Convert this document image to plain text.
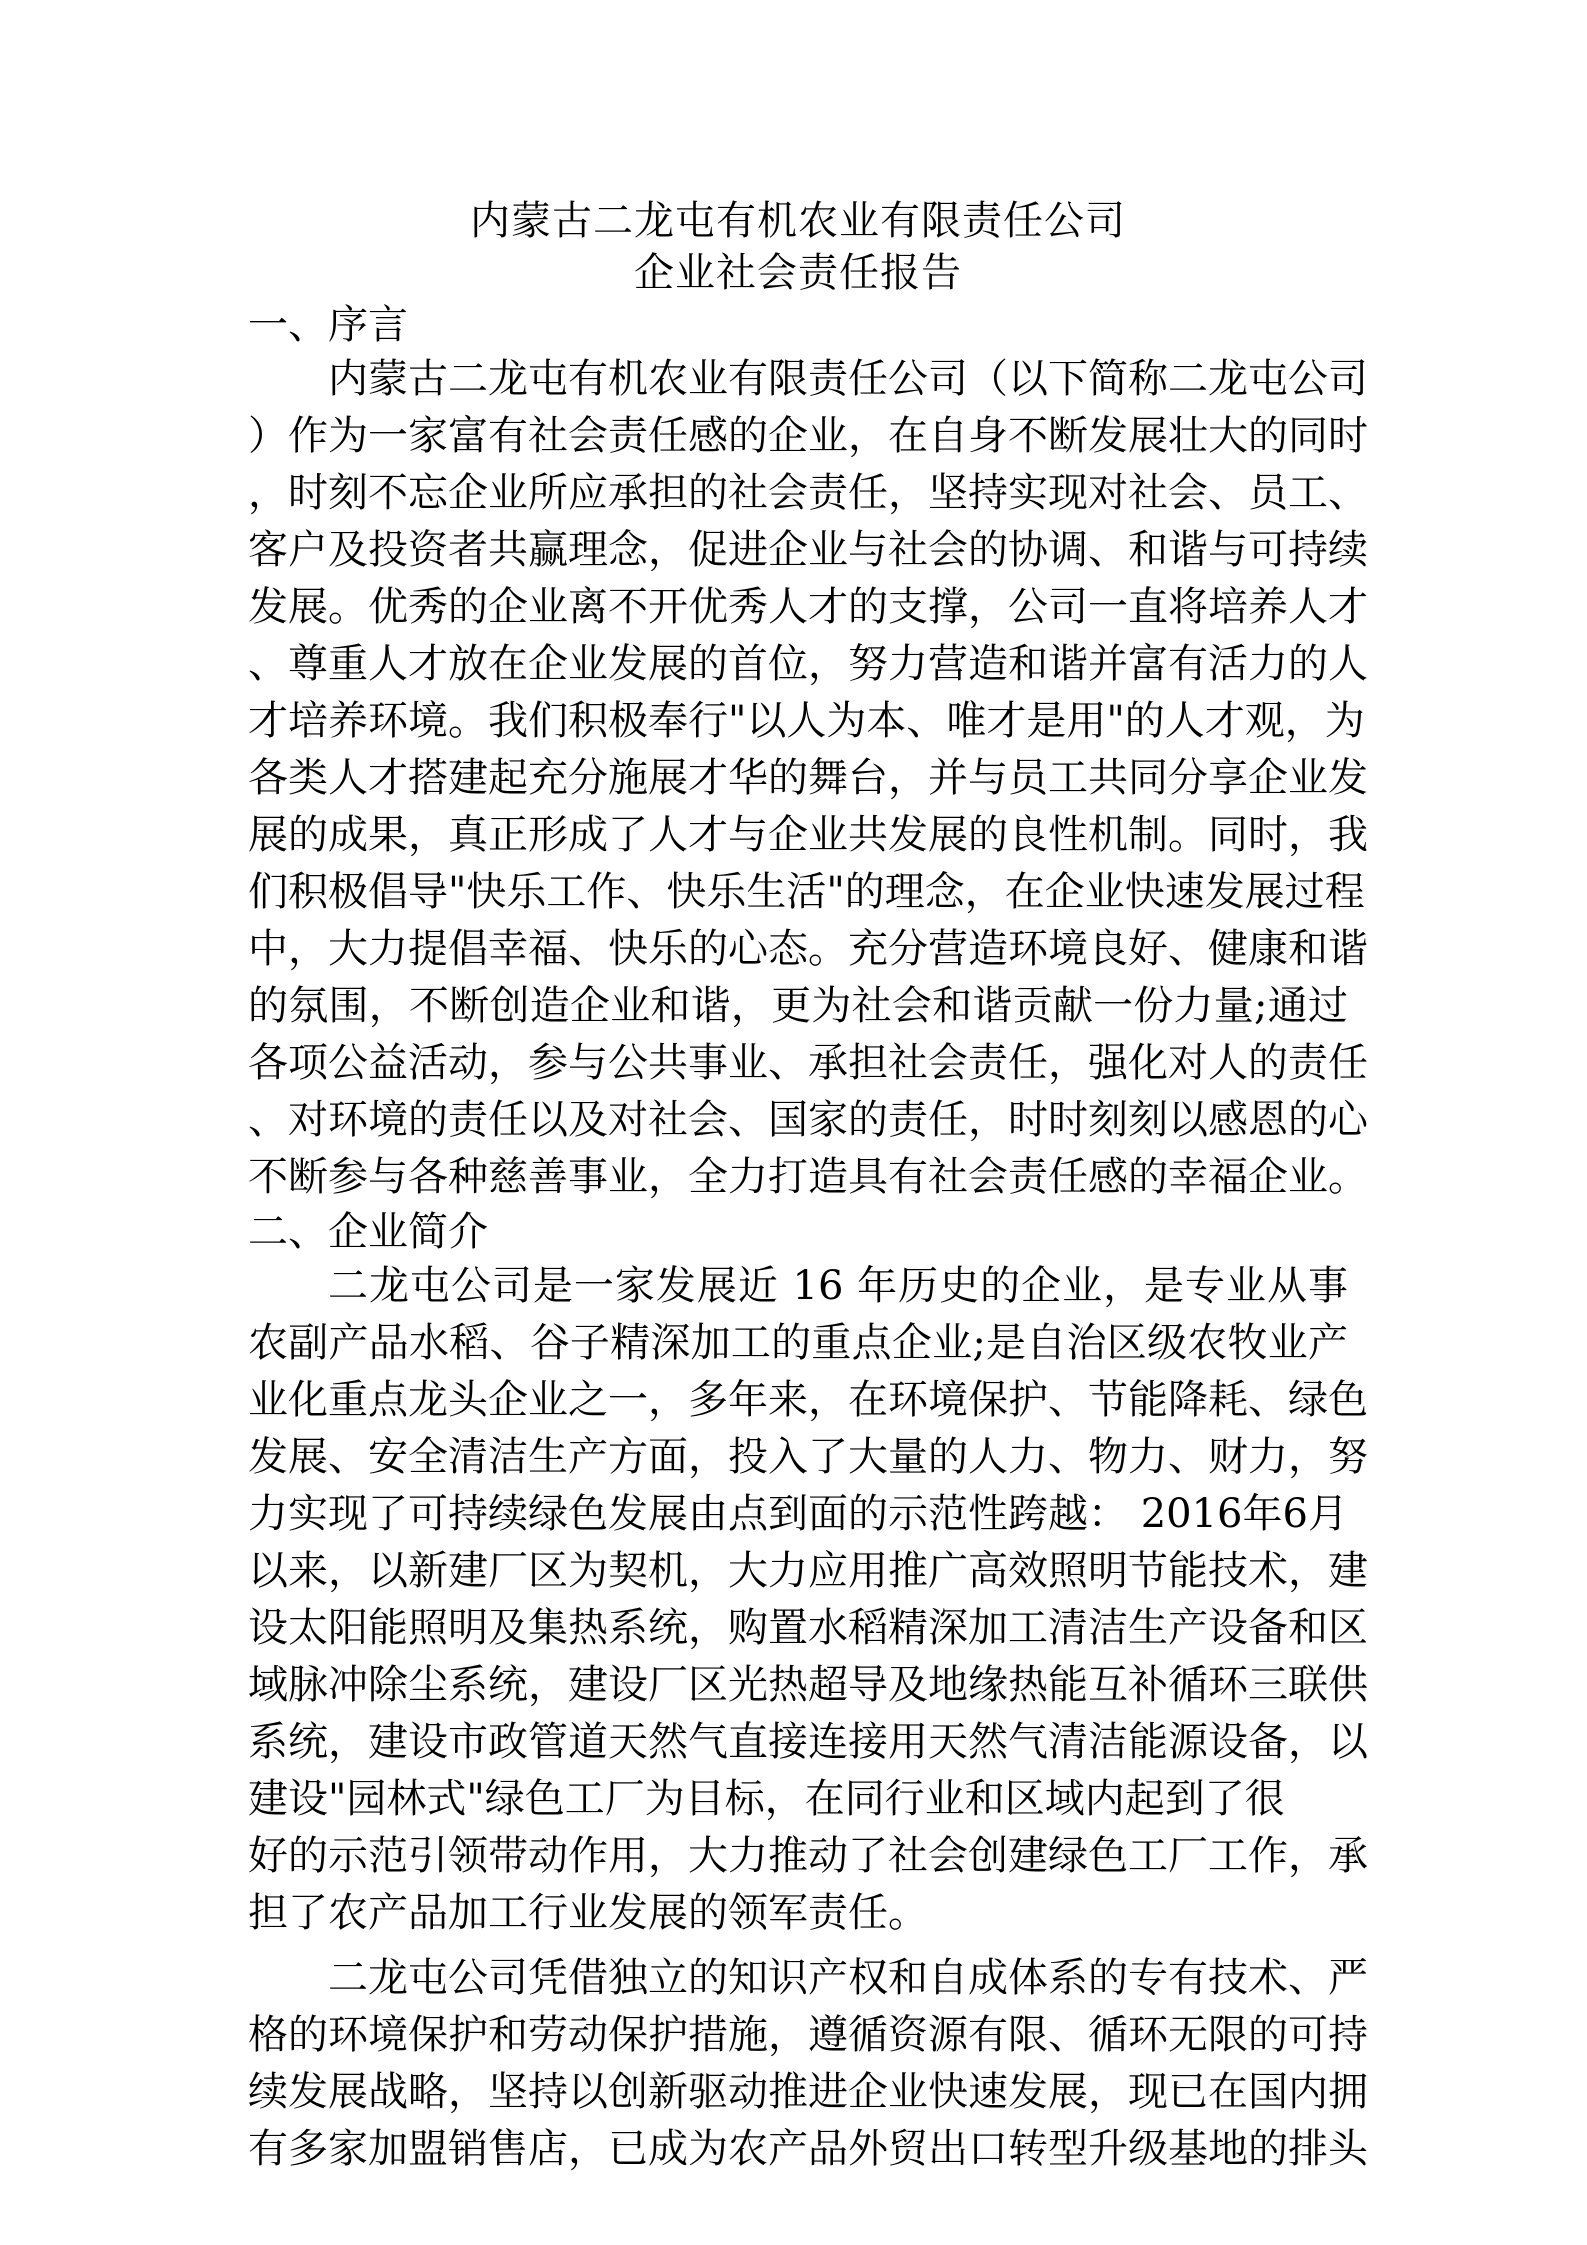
内蒙古二龙屯有机农业有限责任公司
企业社会责任报告
一、序言
内蒙古二龙屯有机农业有限责任公司（以下简称二龙屯公司
）作为一家富有社会责任感的企业，在自身不断发展壮大的同时
，时刻不忘企业所应承担的社会责任，坚持实现对社会、员工、
客户及投资者共赢理念，促进企业与社会的协调、和谐与可持续
发展。优秀的企业离不开优秀人才的支撑，公司一直将培养人才
、尊重人才放在企业发展的首位，努力营造和谐并富有活力的人
才培养环境。我们积极奉行"以人为本、唯才是用"的人才观，为
各类人才搭建起充分施展才华的舞台，并与员工共同分享企业发
展的成果，真正形成了人才与企业共发展的良性机制。同时，我
们积极倡导"快乐工作、快乐生活"的理念，在企业快速发展过程
中，大力提倡幸福、快乐的心态。充分营造环境良好、健康和谐
的氛围，不断创造企业和谐，更为社会和谐贡献一份力量;通过
各项公益活动，参与公共事业、承担社会责任，强化对人的责任
、对环境的责任以及对社会、国家的责任，时时刻刻以感恩的心
不断参与各种慈善事业，全力打造具有社会责任感的幸福企业。
二、企业简介
二龙屯公司是一家发展近 16 年历史的企业，是专业从事
农副产品水稻、谷子精深加工的重点企业;是自治区级农牧业产
业化重点龙头企业之一，多年来，在环境保护、节能降耗、绿色
发展、安全清洁生产方面，投入了大量的人力、物力、财力，努
力实现了可持续绿色发展由点到面的示范性跨越： 2016年6月
以来，以新建厂区为契机，大力应用推广高效照明节能技术，建
设太阳能照明及集热系统，购置水稻精深加工清洁生产设备和区
域脉冲除尘系统，建设厂区光热超导及地缘热能互补循环三联供
系统，建设市政管道天然气直接连接用天然气清洁能源设备，以
建设"园林式"绿色工厂为目标，在同行业和区域内起到了很
好的示范引领带动作用，大力推动了社会创建绿色工厂工作，承
担了农产品加工行业发展的领军责任。
二龙屯公司凭借独立的知识产权和自成体系的专有技术、严
格的环境保护和劳动保护措施，遵循资源有限、循环无限的可持
续发展战略，坚持以创新驱动推进企业快速发展，现已在国内拥
有多家加盟销售店，已成为农产品外贸出口转型升级基地的排头
